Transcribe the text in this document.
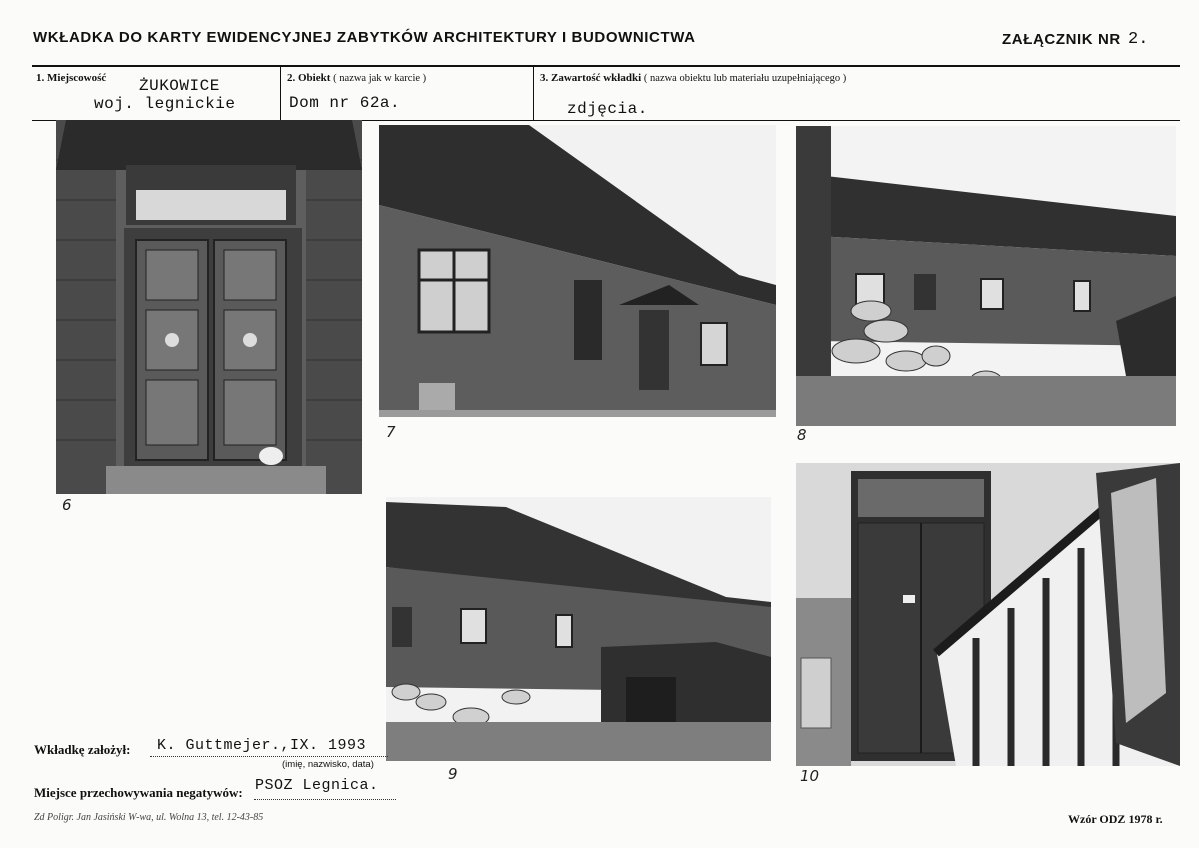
WKŁADKA DO KARTY EWIDENCYJNEJ ZABYTKÓW ARCHITEKTURY I BUDOWNICTWA	ZAŁĄCZNIK NR 2.
1. Miejscowość ŻUKOWICE
woj. legnickie
2. Obiekt ( nazwa jak w karcie )
Dom nr 62a.
3. Zawartość wkładki ( nazwa obiektu lub materiału uzupełniającego )
zdjęcia.
6
7	8
9	10
Wkładkę założył: K. Guttmejer.,IX. 1993
(imię, nazwisko, data)
Miejsce przechowywania negatywów: PSOZ Legnica.
Zd Poligr. Jan Jasiński W-wa, ul. Wolna 13, tel. 12-43-85	Wzór ODZ 1978 r.
